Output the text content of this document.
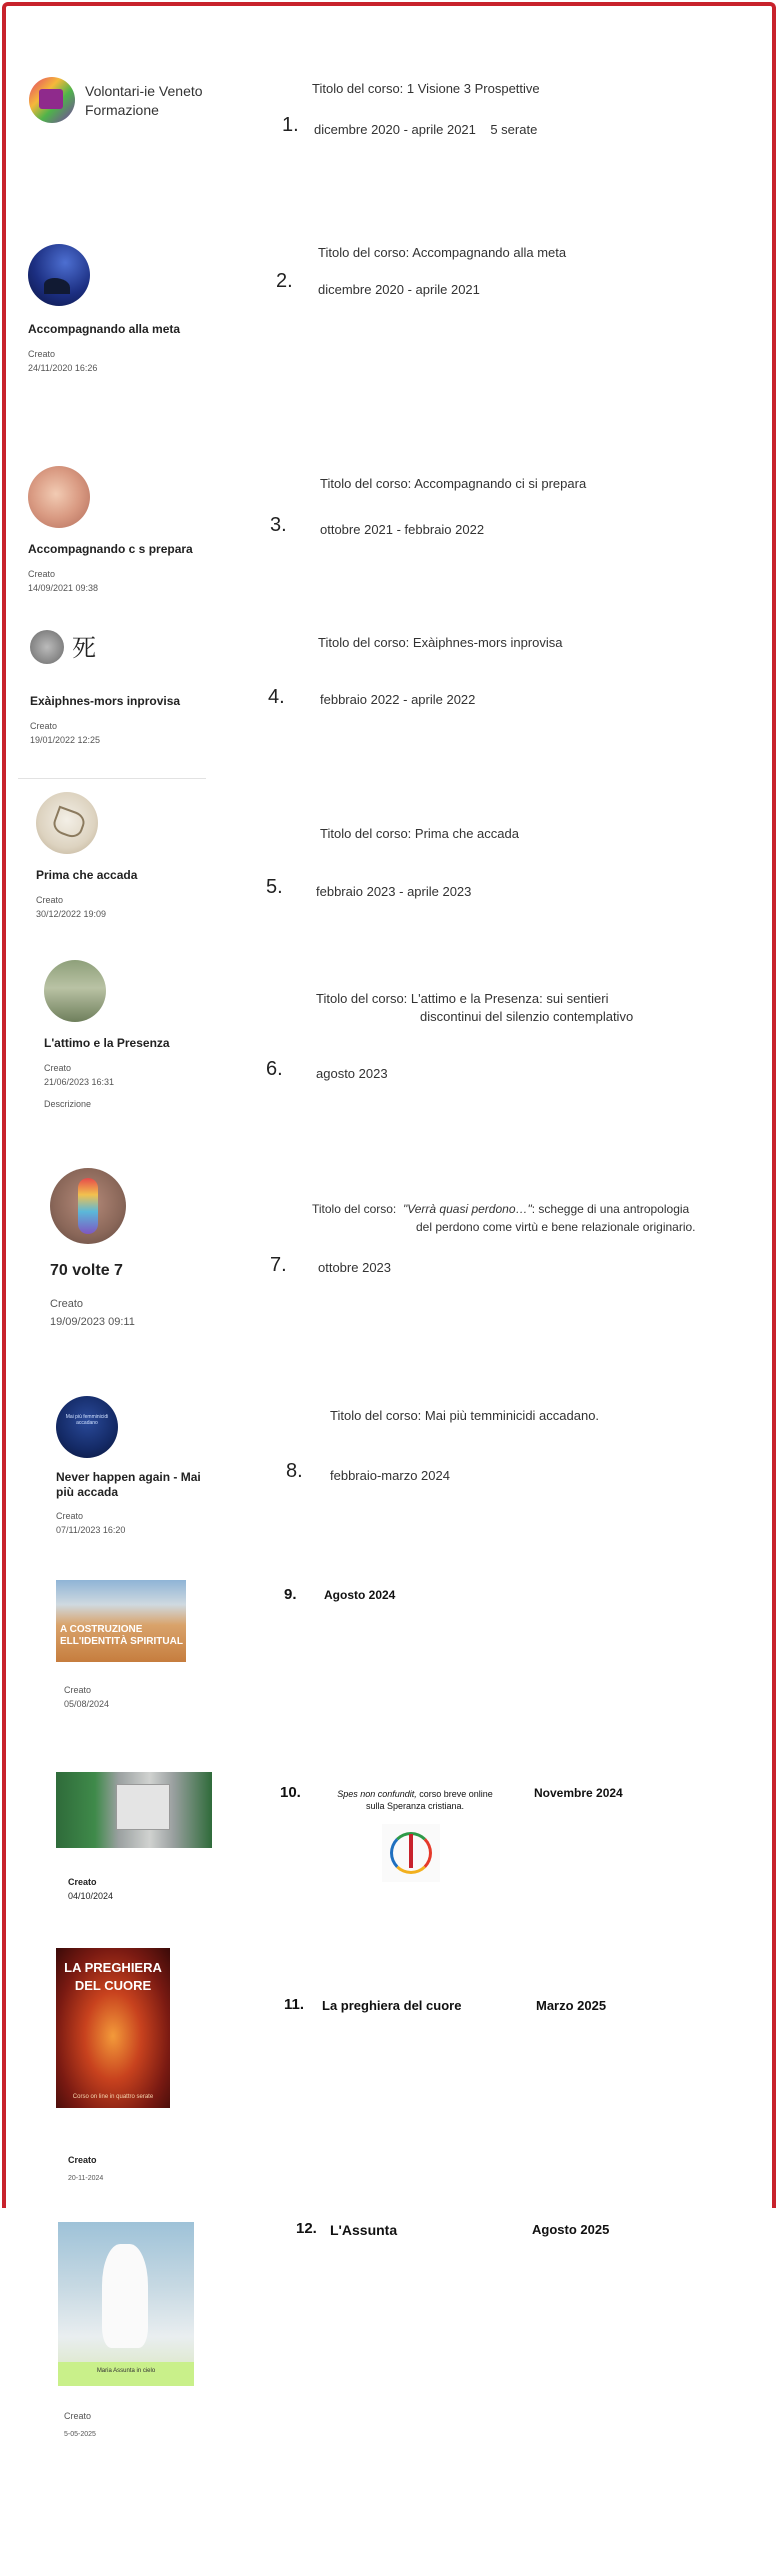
Volontari-ie Veneto
Formazione
Titolo del corso: 1 Visione 3 Prospettive
1. dicembre 2020 - aprile 2021    5 serate
Accompagnando alla meta
Creato
24/11/2020 16:26
Titolo del corso: Accompagnando alla meta
2. dicembre 2020 - aprile 2021
Accompagnando c s prepara
Creato
14/09/2021 09:38
Titolo del corso: Accompagnando ci si prepara
3.	ottobre 2021 - febbraio 2022
死
Exàiphnes-mors inprovisa
Creato
19/01/2022 12:25
Titolo del corso: Exàiphnes-mors inprovisa
4.	febbraio 2022 - aprile 2022
Prima che accada
Creato
30/12/2022 19:09
Titolo del corso: Prima che accada
5.	febbraio 2023 - aprile 2023
L'attimo e la Presenza
Creato
21/06/2023 16:31
Descrizione
Titolo del corso: L'attimo e la Presenza: sui sentieri
discontinui del silenzio contemplativo
6.	agosto 2023
70 volte 7
Creato
19/09/2023 09:11
Titolo del corso: "Verrà quasi perdono…": schegge di una antropologia
del perdono come virtù e bene relazionale originario.
7. ottobre 2023
Mai più femminicidi accadano
Never happen again - Mai
più accada
Creato
07/11/2023 16:20
Titolo del corso: Mai più temminicidi accadano.
8. febbraio-marzo 2024
A COSTRUZIONE
ELL'IDENTITÀ SPIRITUAL
Creato
05/08/2024
9. Agosto 2024
Creato
04/10/2024
10.	Spes non confundit, corso breve online
sulla Speranza cristiana.
Novembre 2024
LA PREGHIERA
DEL CUORE
Corso on line in quattro serate
Creato
20-11-2024
11. La preghiera del cuore	Marzo 2025
Maria Assunta in cielo
Creato
5-05-2025
12. L'Assunta	Agosto 2025
